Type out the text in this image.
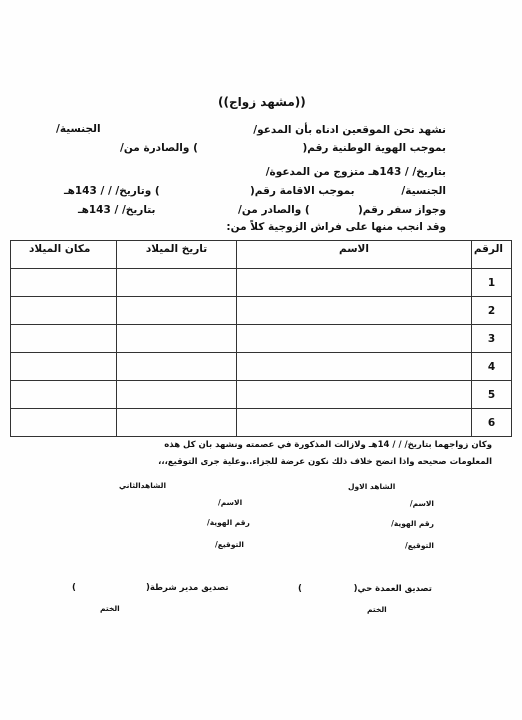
((مشهد زواج))
نشهد نحن الموقعين ادناه بأن المدعو/
الجنسية/
بموجب الهوية الوطنية رقم(
) والصادرة من/
بتاريخ/ / 143هـ متزوج من المدعوة/
الجنسية/
بموجب الاقامة رقم(
) وتاريخ/ / / 143هـ
وجواز سفر رقم(
) والصادر من/
بتاريخ/ / 143هـ
وقد انجب منها على فراش الزوجية كلاً من:
الرقم	الاسم	تاريخ الميلاد	مكان الميلاد
1			
2			
3			
4			
5			
6			
وكان زواجهما بتاريخ/ / / 14هـ ولازالت المذكورة في عصمته ونشهد بان كل هذه
المعلومات صحيحه واذا اتضح خلاف ذلك نكون عرضة للجزاء..وعلية جرى التوقيع،،،
الشاهد الاول
الشاهدالثاني
الاسم/
الاسم/
رقم الهوية/
رقم الهوية/
التوقيع/
التوقيع/
)	تصديق العمدة حي(
)	تصديق مدير شرطة(
الختم
الختم
